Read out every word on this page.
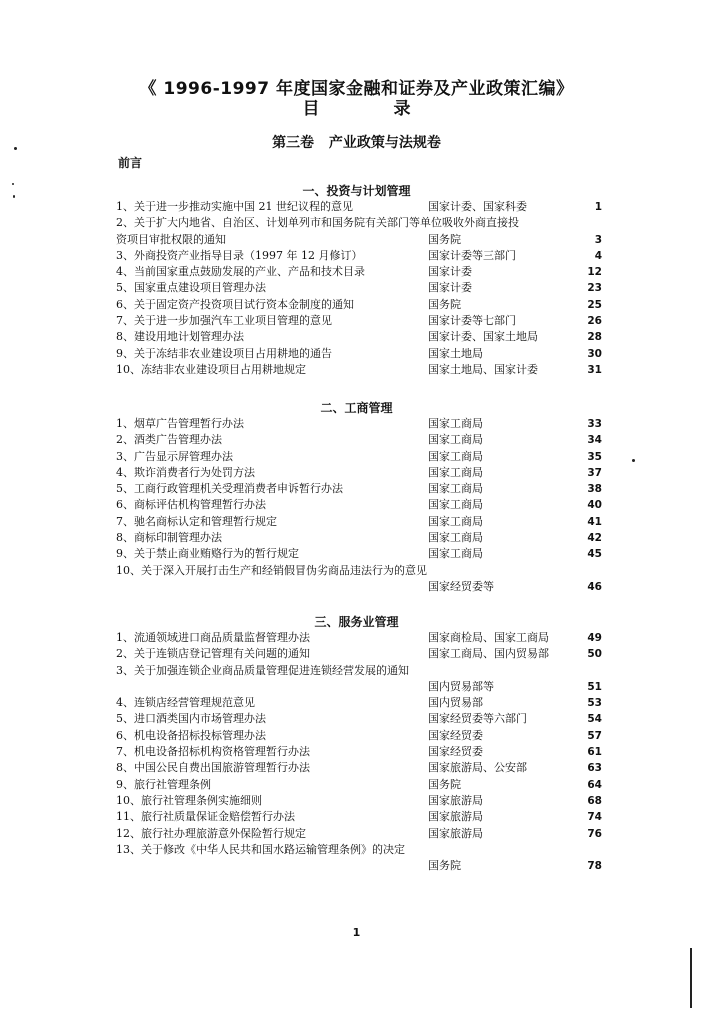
《 1996-1997 年度国家金融和证券及产业政策汇编》
目 录
第三卷 产业政策与法规卷
前言
一、投资与计划管理
1、关于进一步推动实施中国 21 世纪议程的意见	国家计委、国家科委	1
2、关于扩大内地省、自治区、计划单列市和国务院有关部门等单位吸收外商直接投
资项目审批权限的通知	国务院	3
3、外商投资产业指导目录（1997 年 12 月修订）	国家计委等三部门	4
4、当前国家重点鼓励发展的产业、产品和技术目录	国家计委	12
5、国家重点建设项目管理办法	国家计委	23
6、关于固定资产投资项目试行资本金制度的通知	国务院	25
7、关于进一步加强汽车工业项目管理的意见	国家计委等七部门	26
8、建设用地计划管理办法	国家计委、国家土地局	28
9、关于冻结非农业建设项目占用耕地的通告	国家土地局	30
10、冻结非农业建设项目占用耕地规定	国家土地局、国家计委	31
二、工商管理
1、烟草广告管理暂行办法	国家工商局	33
2、酒类广告管理办法	国家工商局	34
3、广告显示屏管理办法	国家工商局	35
4、欺诈消费者行为处罚方法	国家工商局	37
5、工商行政管理机关受理消费者申诉暂行办法	国家工商局	38
6、商标评估机构管理暂行办法	国家工商局	40
7、驰名商标认定和管理暂行规定	国家工商局	41
8、商标印制管理办法	国家工商局	42
9、关于禁止商业贿赂行为的暂行规定	国家工商局	45
10、关于深入开展打击生产和经销假冒伪劣商品违法行为的意见
国家经贸委等	46
三、服务业管理
1、流通领域进口商品质量监督管理办法	国家商检局、国家工商局	49
2、关于连锁店登记管理有关问题的通知	国家工商局、国内贸易部	50
3、关于加强连锁企业商品质量管理促进连锁经营发展的通知
国内贸易部等	51
4、连锁店经营管理规范意见	国内贸易部	53
5、进口酒类国内市场管理办法	国家经贸委等六部门	54
6、机电设备招标投标管理办法	国家经贸委	57
7、机电设备招标机构资格管理暂行办法	国家经贸委	61
8、中国公民自费出国旅游管理暂行办法	国家旅游局、公安部	63
9、旅行社管理条例	国务院	64
10、旅行社管理条例实施细则	国家旅游局	68
11、旅行社质量保证金赔偿暂行办法	国家旅游局	74
12、旅行社办理旅游意外保险暂行规定	国家旅游局	76
13、关于修改《中华人民共和国水路运输管理条例》的决定
国务院	78
1
